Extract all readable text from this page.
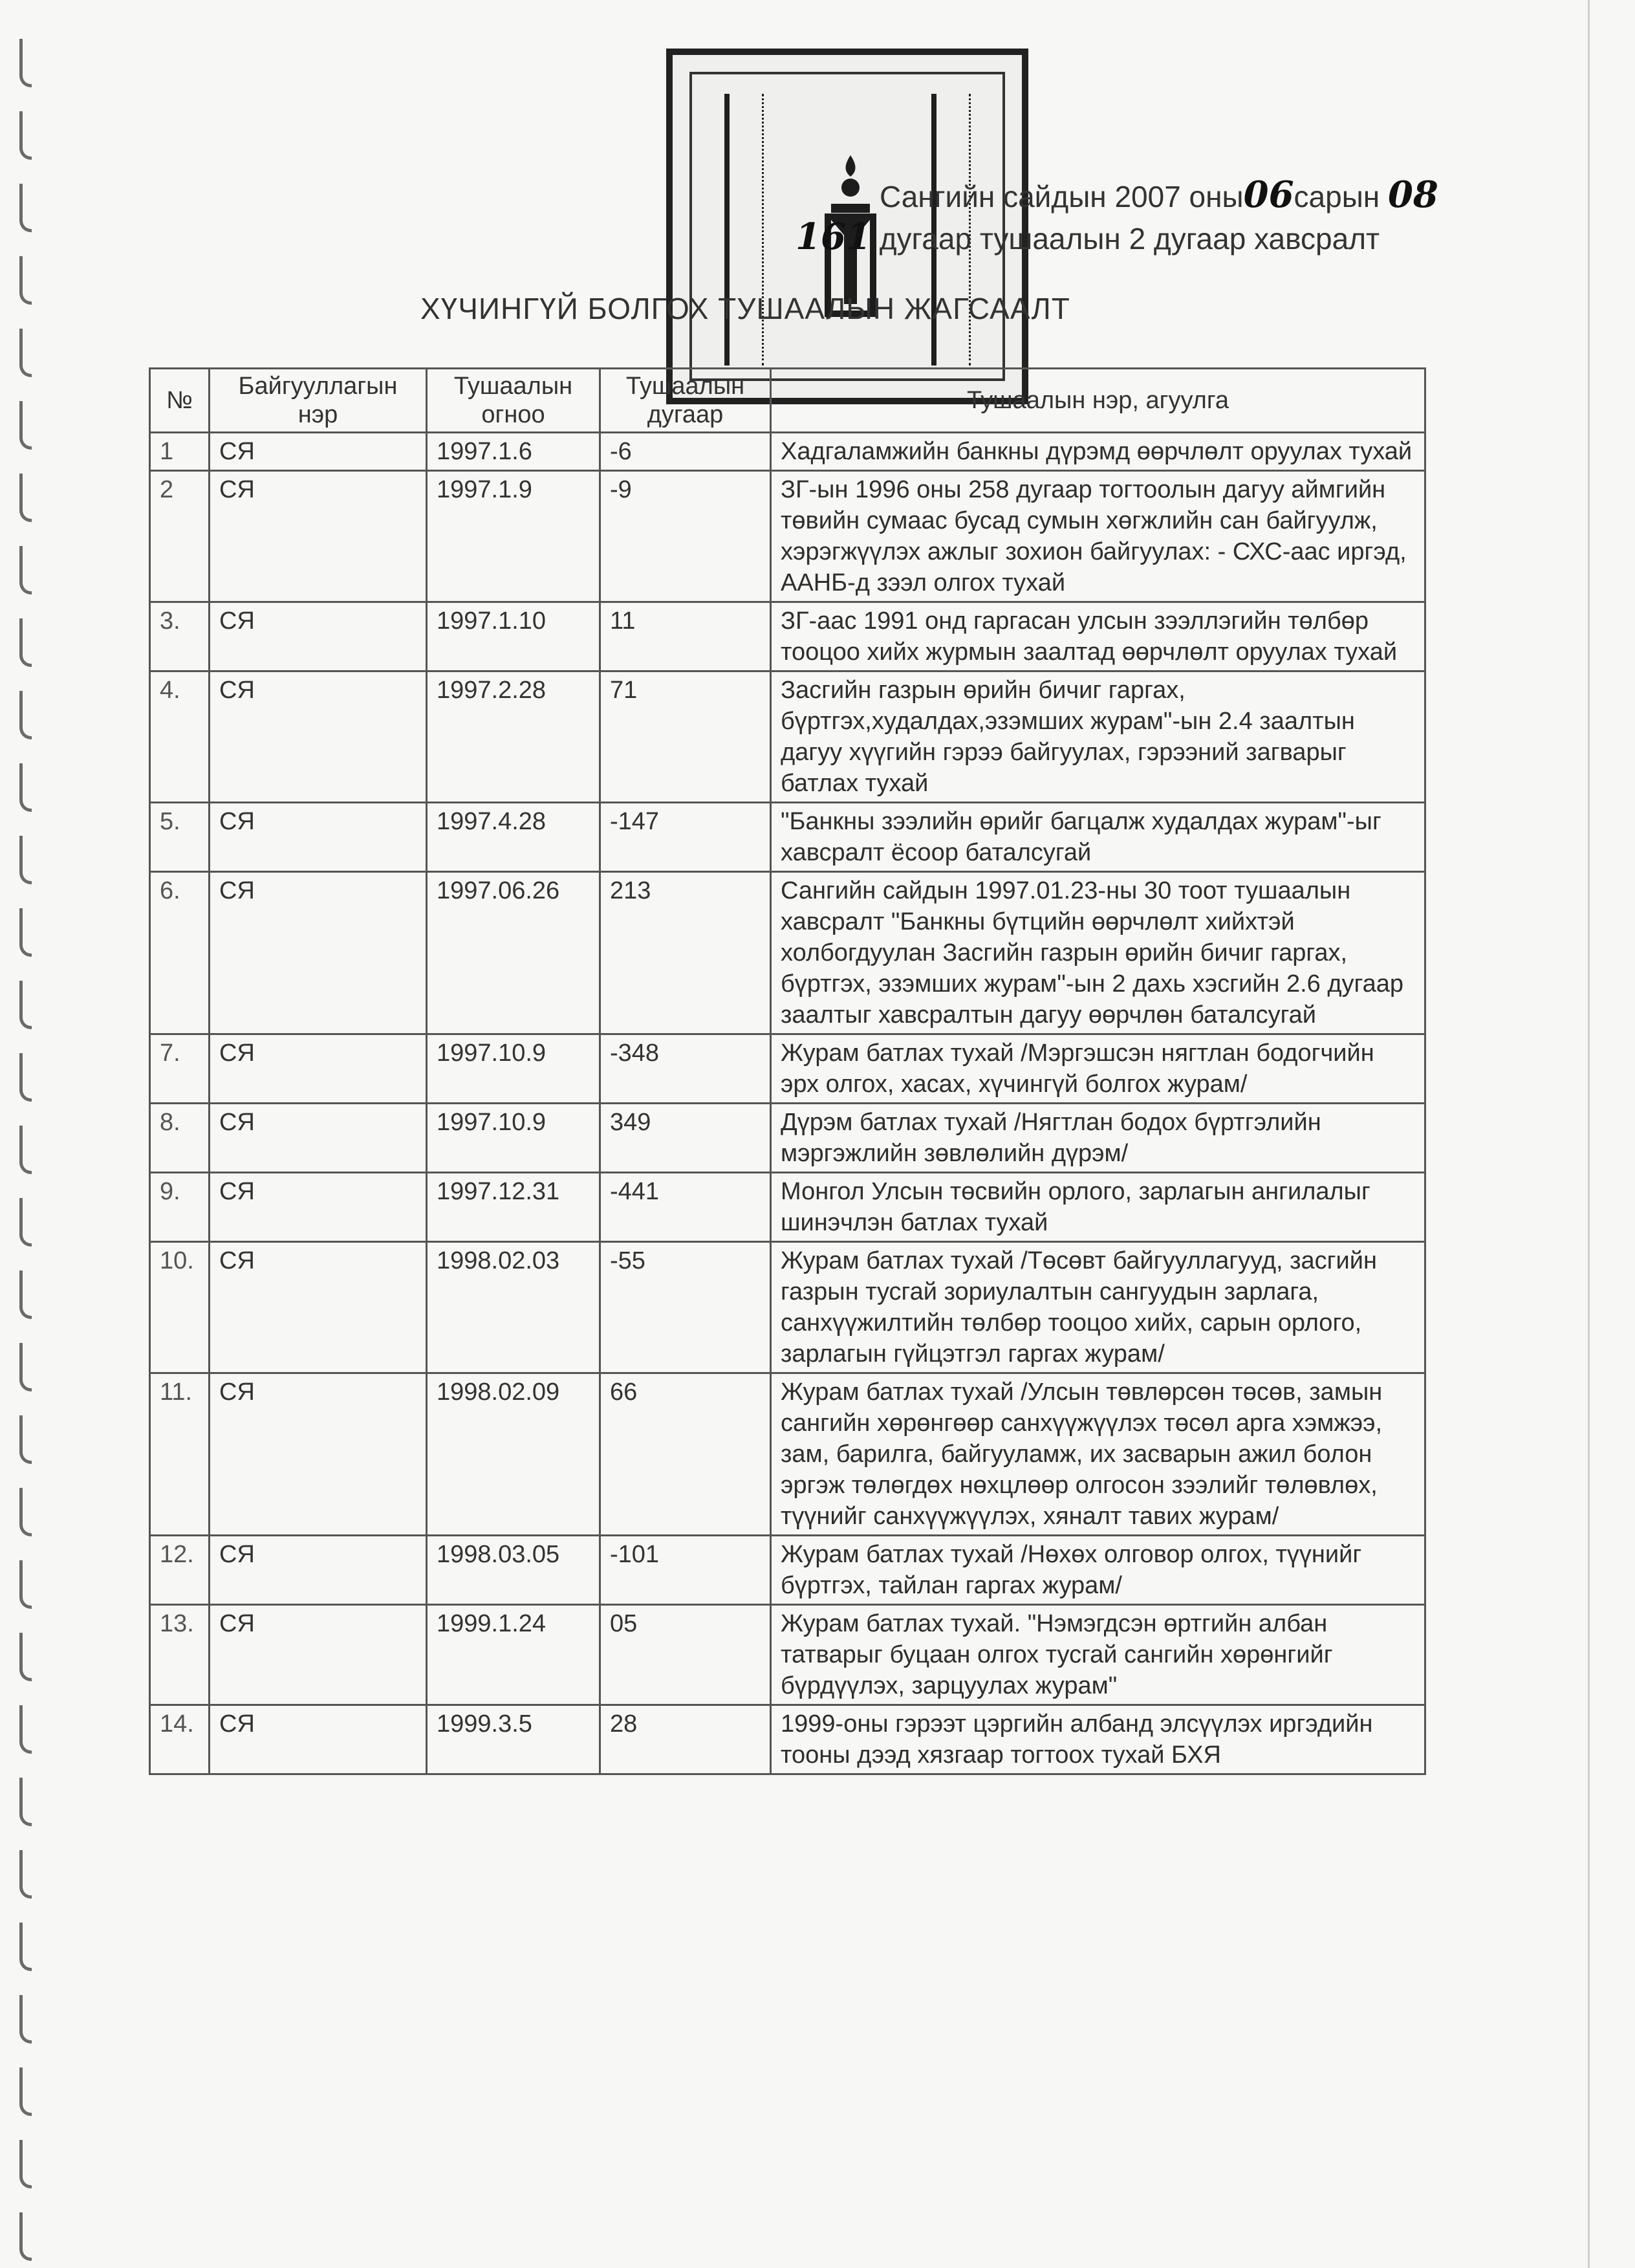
Сангийн сайдын 2007 оны06сарын 08
161 дугаар тушаалын 2 дугаар хавсралт
ХҮЧИНГҮЙ БОЛГОХ ТУШААЛЫН ЖАГСААЛТ
№	Байгууллагын нэр	Тушаалын огноо	Тушаалын дугаар	Тушаалын нэр, агуулга
1	СЯ	1997.1.6	-6	Хадгаламжийн банкны дүрэмд өөрчлөлт оруулах тухай
2	СЯ	1997.1.9	-9	ЗГ-ын 1996 оны 258 дугаар тогтоолын дагуу аймгийн төвийн сумаас бусад сумын хөгжлийн сан байгуулж, хэрэгжүүлэх ажлыг зохион байгуулах: - СХС-аас иргэд, ААНБ-д зээл олгох тухай
3.	СЯ	1997.1.10	11	ЗГ-аас 1991 онд гаргасан улсын зээллэгийн төлбөр тооцоо хийх журмын заалтад өөрчлөлт оруулах тухай
4.	СЯ	1997.2.28	71	Засгийн газрын өрийн бичиг гаргах, бүртгэх,худалдах,эзэмших журам"-ын 2.4 заалтын дагуу хүүгийн гэрээ байгуулах, гэрээний загварыг батлах тухай
5.	СЯ	1997.4.28	-147	"Банкны зээлийн өрийг багцалж худалдах журам"-ыг хавсралт ёсоор баталсугай
6.	СЯ	1997.06.26	213	Сангийн сайдын 1997.01.23-ны 30 тоот тушаалын хавсралт "Банкны бүтцийн өөрчлөлт хийхтэй холбогдуулан Засгийн газрын өрийн бичиг гаргах, бүртгэх, эзэмших журам"-ын 2 дахь хэсгийн 2.6 дугаар заалтыг хавсралтын дагуу өөрчлөн баталсугай
7.	СЯ	1997.10.9	-348	Журам батлах тухай /Мэргэшсэн нягтлан бодогчийн эрх олгох, хасах, хүчингүй болгох журам/
8.	СЯ	1997.10.9	349	Дүрэм батлах тухай /Нягтлан бодох бүртгэлийн мэргэжлийн зөвлөлийн дүрэм/
9.	СЯ	1997.12.31	-441	Монгол Улсын төсвийн орлого, зарлагын ангилалыг шинэчлэн батлах тухай
10.	СЯ	1998.02.03	-55	Журам батлах тухай /Төсөвт байгууллагууд, засгийн газрын тусгай зориулалтын сангуудын зарлага, санхүүжилтийн төлбөр тооцоо хийх, сарын орлого, зарлагын гүйцэтгэл гаргах журам/
11.	СЯ	1998.02.09	66	Журам батлах тухай /Улсын төвлөрсөн төсөв, замын сангийн хөрөнгөөр санхүүжүүлэх төсөл арга хэмжээ, зам, барилга, байгууламж, их засварын ажил болон эргэж төлөгдөх нөхцлөөр олгосон зээлийг төлөвлөх, түүнийг санхүүжүүлэх, хяналт тавих журам/
12.	СЯ	1998.03.05	-101	Журам батлах тухай /Нөхөх олговор олгох, түүнийг бүртгэх, тайлан гаргах журам/
13.	СЯ	1999.1.24	05	Журам батлах тухай. "Нэмэгдсэн өртгийн албан татварыг буцаан олгох тусгай сангийн хөрөнгийг бүрдүүлэх, зарцуулах журам"
14.	СЯ	1999.3.5	28	1999-оны гэрээт цэргийн албанд элсүүлэх иргэдийн тооны дээд хязгаар тогтоох тухай БХЯ
